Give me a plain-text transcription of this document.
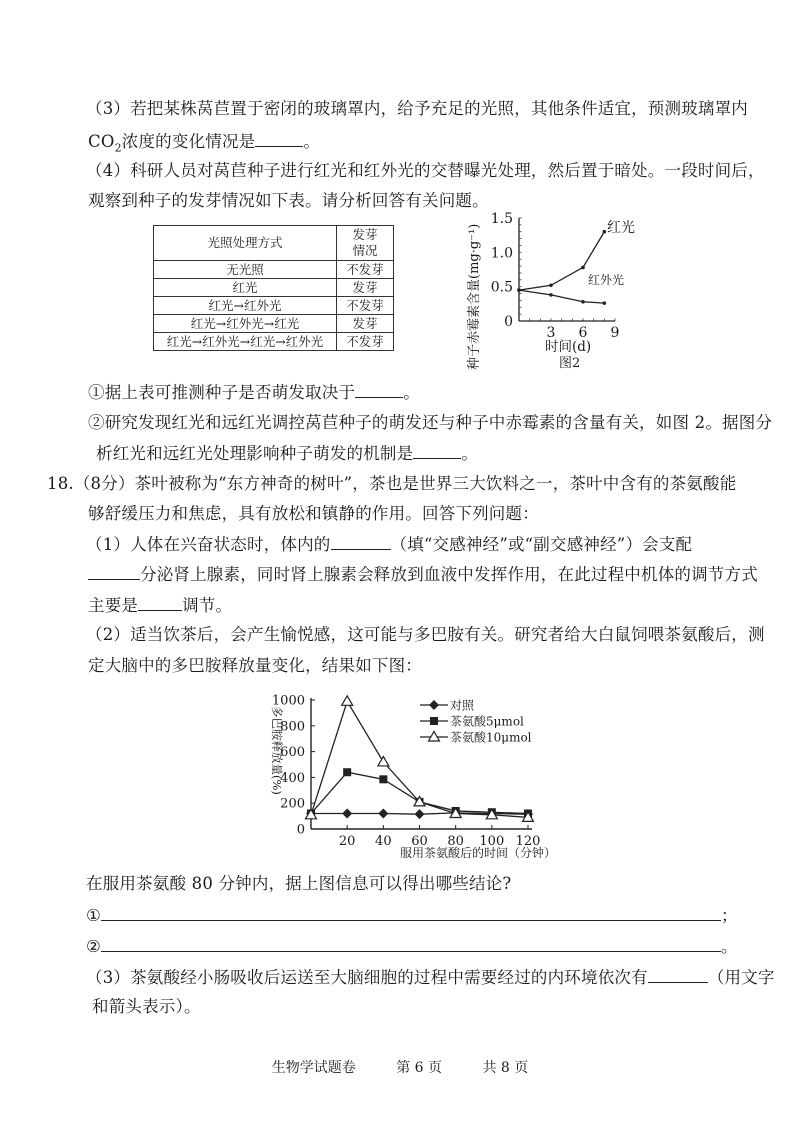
（3）若把某株莴苣置于密闭的玻璃罩内，给予充足的光照，其他条件适宜，预测玻璃罩内
$CO_2$浓度的变化情况是	。
（4）科研人员对莴苣种子进行红光和红外光的交替曝光处理，然后置于暗处。一段时间后，
观察到种子的发芽情况如下表。请分析回答有关问题。
光照处理方式	发芽
情况
无光照	不发芽
红光	发芽
红光→红外光	不发芽
红光→红外光→红光	发芽
红光→红外光→红光→红外光	不发芽
0
0.5
1.0
1.5
3 6 9
种子赤霉素含量(mg·g⁻¹)	时间(d)
图2
红光
红外光
①据上表可推测种子是否萌发取决于	。
②研究发现红光和远红光调控莴苣种子的萌发还与种子中赤霉素的含量有关，如图 2。据图分
析红光和远红光处理影响种子萌发的机制是	。
18.（8分）茶叶被称为“东方神奇的树叶”，茶也是世界三大饮料之一，茶叶中含有的茶氨酸能
够舒缓压力和焦虑，具有放松和镇静的作用。回答下列问题：
（1）人体在兴奋状态时，体内的	（填“交感神经”或“副交感神经”）会支配
分泌肾上腺素，同时肾上腺素会释放到血液中发挥作用，在此过程中机体的调节方式
主要是	调节。
（2）适当饮茶后，会产生愉悦感，这可能与多巴胺有关。研究者给大白鼠饲喂茶氨酸后，测
定大脑中的多巴胺释放量变化，结果如下图：
0
200
400
600
800
1000
20 40 60 80 100 120
对照
茶氨酸5μmol
茶氨酸10μmol
多巴胺释放量(%)
服用茶氨酸后的时间（分钟）
在服用茶氨酸 80 分钟内，据上图信息可以得出哪些结论?
①	；
②	。
（3）茶氨酸经小肠吸收后运送至大脑细胞的过程中需要经过的内环境依次有	（用文字
和箭头表示）。
生物学试题卷	第 6 页	共 8 页
